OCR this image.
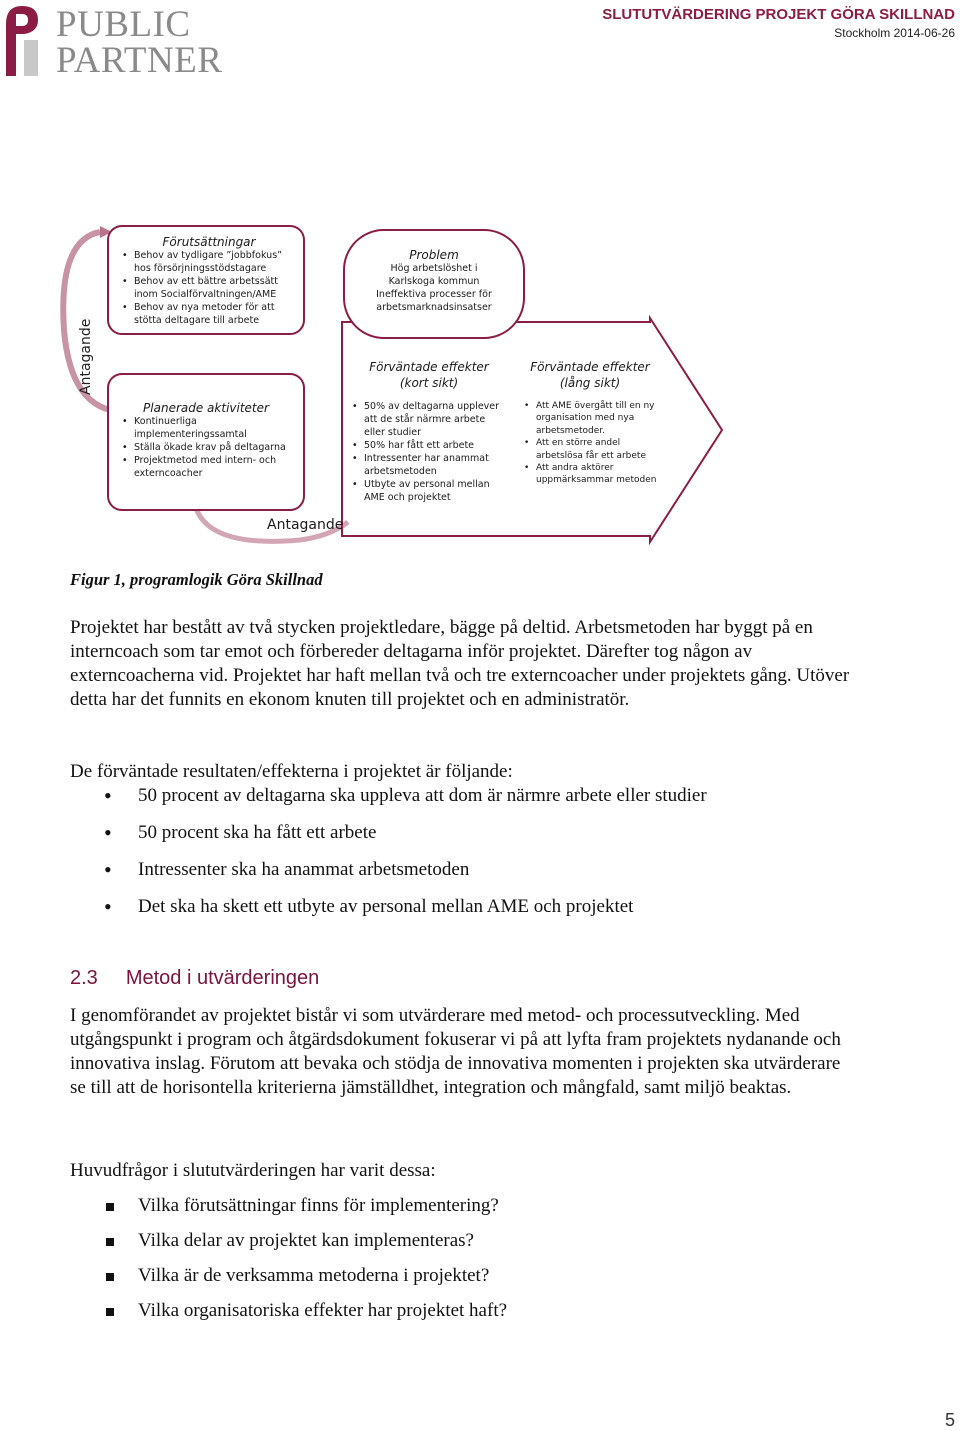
PUBLIC
PARTNER
SLUTUTVÄRDERING PROJEKT GÖRA SKILLNAD
Stockholm 2014-06-26
Antagande
Förutsättningar
• Behov av tydligare ”jobbfokus” hos försörjningsstödstagare
• Behov av ett bättre arbetssätt inom Socialförvaltningen/AME
• Behov av nya metoder för att stötta deltagare till arbete
Planerade aktiviteter
• Kontinuerliga implementeringssamtal
• Ställa ökade krav på deltagarna
• Projektmetod med intern- och externcoacher
Problem
Hög arbetslöshet i
Karlskoga kommun
Ineffektiva processer för
arbetsmarknadsinsatser
Förväntade effekter
(kort sikt)
• 50% av deltagarna upplever att de står närmre arbete eller studier
• 50% har fått ett arbete
• Intressenter har anammat arbetsmetoden
• Utbyte av personal mellan AME och projektet
Förväntade effekter
(lång sikt)
• Att AME övergått till en ny organisation med nya arbetsmetoder.
• Att en större andel arbetslösa får ett arbete
• Att andra aktörer uppmärksammar metoden
Antagande
Figur 1, programlogik Göra Skillnad
Projektet har bestått av två stycken projektledare, bägge på deltid. Arbetsmetoden har byggt på en interncoach som tar emot och förbereder deltagarna inför projektet. Därefter tog någon av externcoacherna vid. Projektet har haft mellan två och tre externcoacher under projektets gång. Utöver detta har det funnits en ekonom knuten till projektet och en administratör.
De förväntade resultaten/effekterna i projektet är följande:
• 50 procent av deltagarna ska uppleva att dom är närmre arbete eller studier
• 50 procent ska ha fått ett arbete
• Intressenter ska ha anammat arbetsmetoden
• Det ska ha skett ett utbyte av personal mellan AME och projektet
2.3 Metod i utvärderingen
I genomförandet av projektet bistår vi som utvärderare med metod- och processutveckling. Med utgångspunkt i program och åtgärdsdokument fokuserar vi på att lyfta fram projektets nydanande och innovativa inslag. Förutom att bevaka och stödja de innovativa momenten i projekten ska utvärderare se till att de horisontella kriterierna jämställdhet, integration och mångfald, samt miljö beaktas.
Huvudfrågor i slututvärderingen har varit dessa:
Vilka förutsättningar finns för implementering?
Vilka delar av projektet kan implementeras?
Vilka är de verksamma metoderna i projektet?
Vilka organisatoriska effekter har projektet haft?
5
